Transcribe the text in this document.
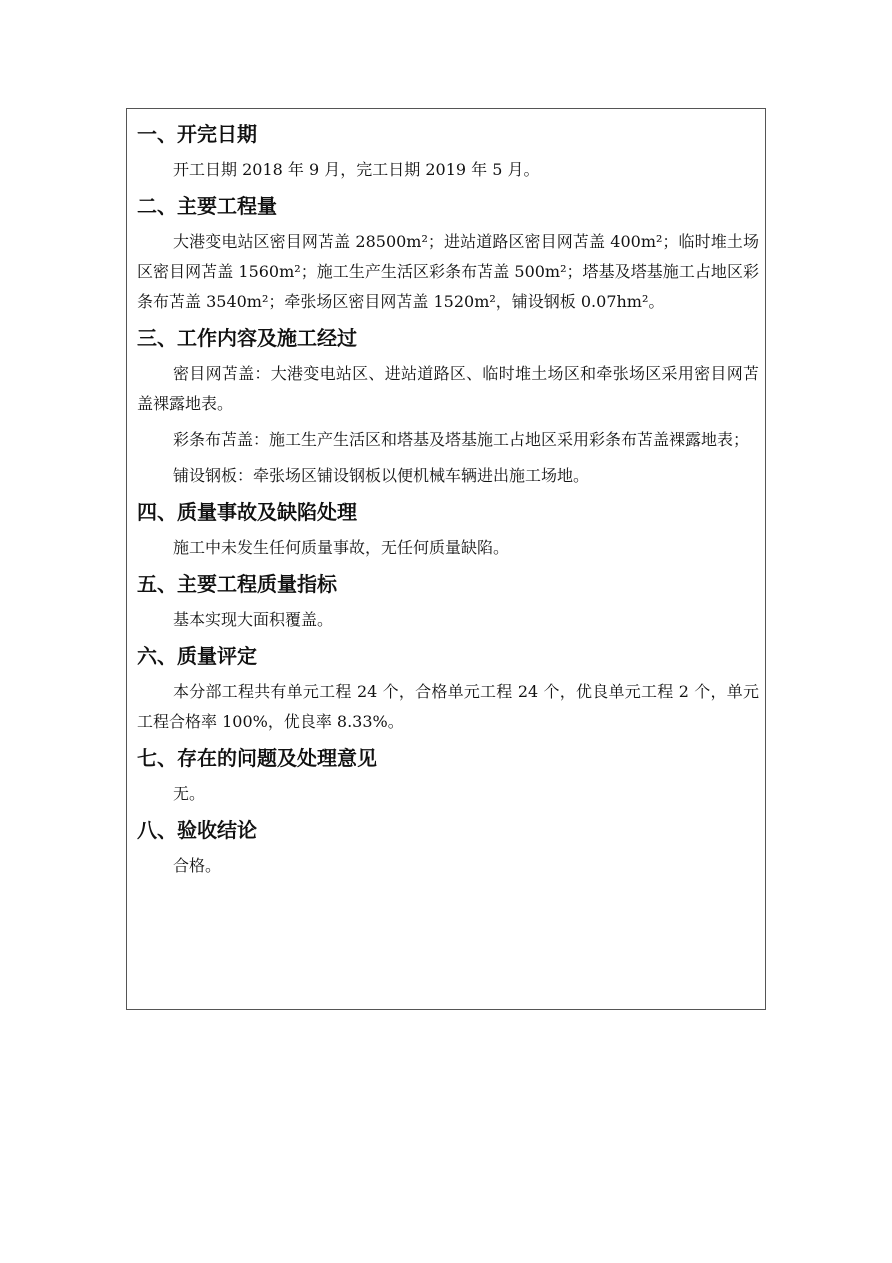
一、开完日期

开工日期 2018 年 9 月，完工日期 2019 年 5 月。

二、主要工程量

大港变电站区密目网苫盖 28500m²；进站道路区密目网苫盖 400m²；临时堆土场区密目网苫盖 1560m²；施工生产生活区彩条布苫盖 500m²；塔基及塔基施工占地区彩条布苫盖 3540m²；牵张场区密目网苫盖 1520m²，铺设钢板 0.07hm²。

三、工作内容及施工经过

密目网苫盖：大港变电站区、进站道路区、临时堆土场区和牵张场区采用密目网苫盖裸露地表。

彩条布苫盖：施工生产生活区和塔基及塔基施工占地区采用彩条布苫盖裸露地表；

铺设钢板：牵张场区铺设钢板以便机械车辆进出施工场地。

四、质量事故及缺陷处理

施工中未发生任何质量事故，无任何质量缺陷。

五、主要工程质量指标

基本实现大面积覆盖。

六、质量评定

本分部工程共有单元工程 24 个，合格单元工程 24 个，优良单元工程 2 个，单元工程合格率 100%，优良率 8.33%。

七、存在的问题及处理意见

无。

八、验收结论

合格。
